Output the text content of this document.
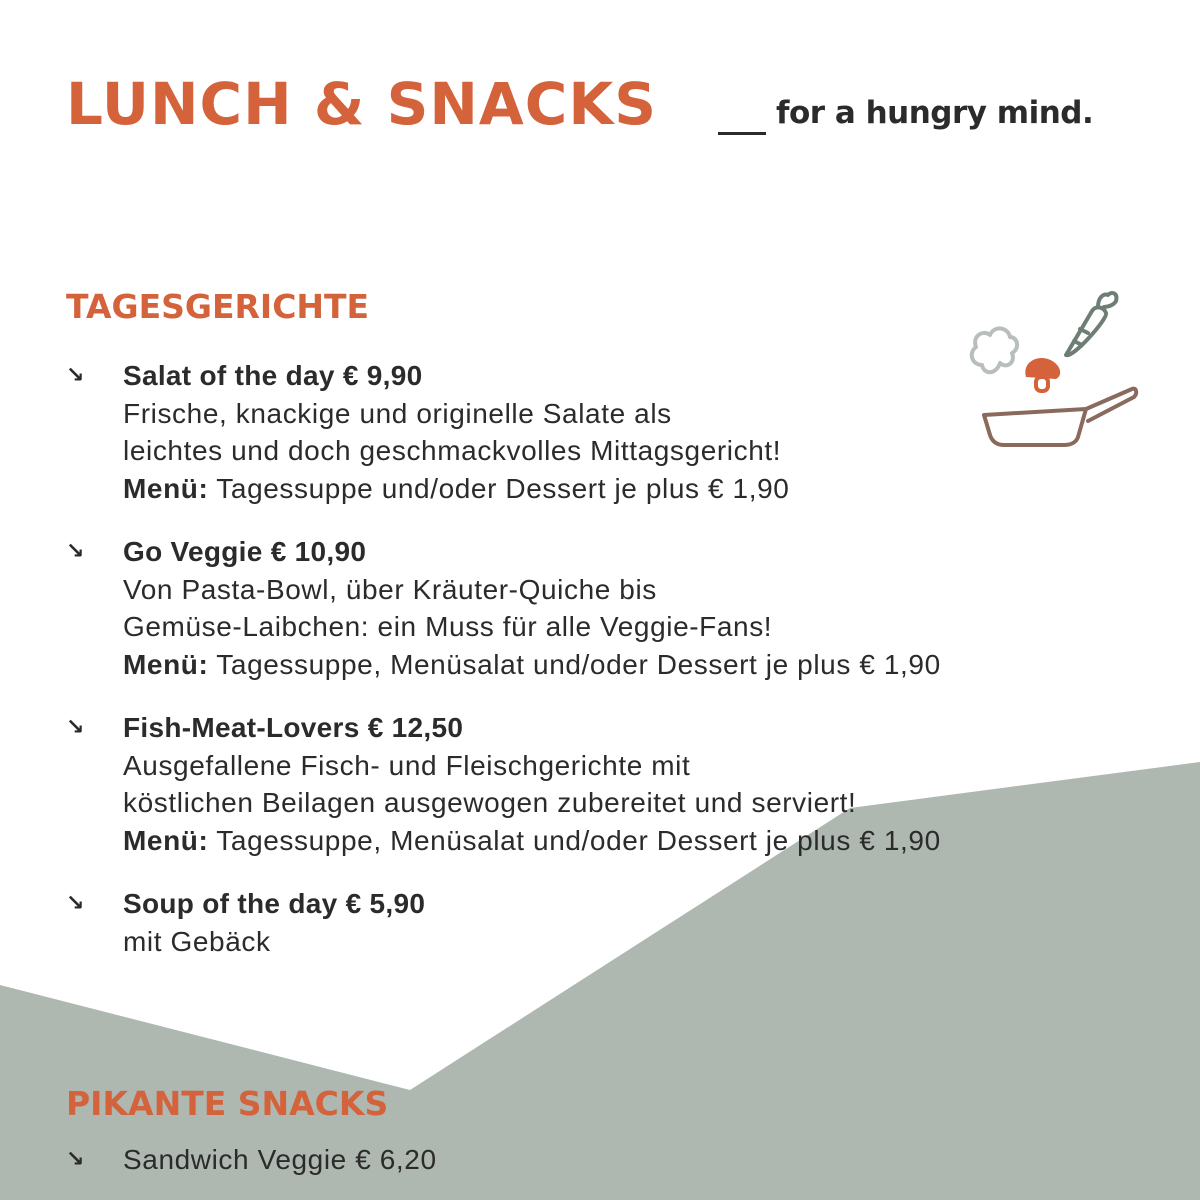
LUNCH & SNACKS	for a hungry mind.
TAGESGERICHTE
↘ Salat of the day € 9,90
Frische, knackige und originelle Salate als
leichtes und doch geschmackvolles Mittagsgericht!
Menü: Tagessuppe und/oder Dessert je plus € 1,90
↘ Go Veggie € 10,90
Von Pasta-Bowl, über Kräuter-Quiche bis
Gemüse-Laibchen: ein Muss für alle Veggie-Fans!
Menü: Tagessuppe, Menüsalat und/oder Dessert je plus € 1,90
↘ Fish-Meat-Lovers € 12,50
Ausgefallene Fisch- und Fleischgerichte mit
köstlichen Beilagen ausgewogen zubereitet und serviert!
Menü: Tagessuppe, Menüsalat und/oder Dessert je plus € 1,90
↘ Soup of the day € 5,90
mit Gebäck
PIKANTE SNACKS
↘ Sandwich Veggie € 6,20
